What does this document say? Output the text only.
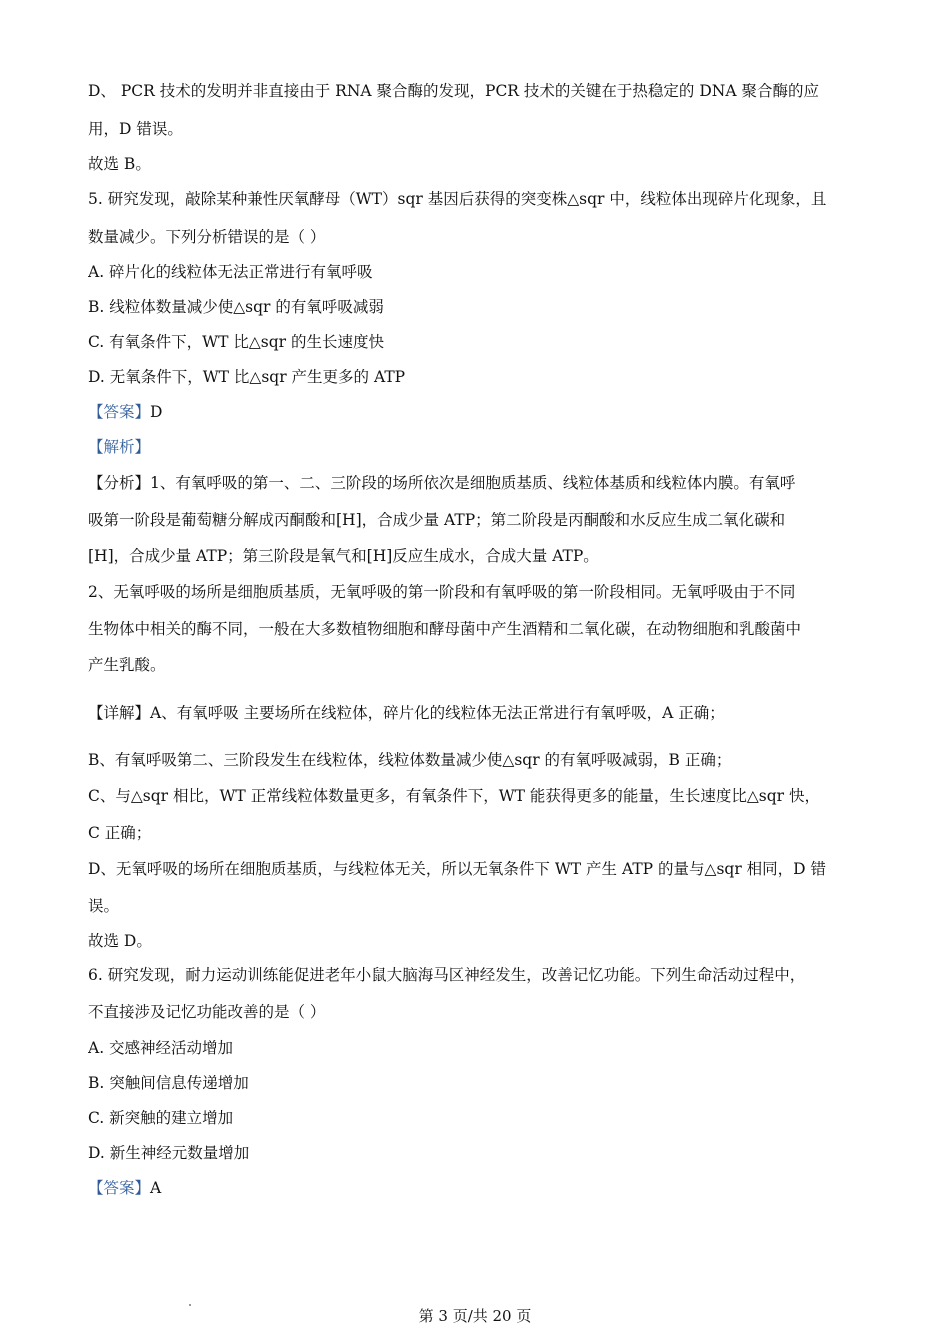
D、 PCR 技术的发明并非直接由于 RNA 聚合酶的发现，PCR 技术的关键在于热稳定的 DNA 聚合酶的应
用，D 错误。
故选 B。
5. 研究发现，敲除某种兼性厌氧酵母（WT）sqr 基因后获得的突变株△sqr 中，线粒体出现碎片化现象，且
数量减少。下列分析错误的是（ ）
A. 碎片化的线粒体无法正常进行有氧呼吸
B. 线粒体数量减少使△sqr 的有氧呼吸减弱
C. 有氧条件下，WT 比△sqr 的生长速度快
D. 无氧条件下，WT 比△sqr 产生更多的 ATP
【答案】D
【解析】
【分析】1、有氧呼吸的第一、二、三阶段的场所依次是细胞质基质、线粒体基质和线粒体内膜。有氧呼
吸第一阶段是葡萄糖分解成丙酮酸和[H]，合成少量 ATP；第二阶段是丙酮酸和水反应生成二氧化碳和
[H]，合成少量 ATP；第三阶段是氧气和[H]反应生成水，合成大量 ATP。
2、无氧呼吸的场所是细胞质基质，无氧呼吸的第一阶段和有氧呼吸的第一阶段相同。无氧呼吸由于不同
生物体中相关的酶不同，一般在大多数植物细胞和酵母菌中产生酒精和二氧化碳，在动物细胞和乳酸菌中
产生乳酸。
【详解】A、有氧呼吸 主要场所在线粒体，碎片化的线粒体无法正常进行有氧呼吸，A 正确；
B、有氧呼吸第二、三阶段发生在线粒体，线粒体数量减少使△sqr 的有氧呼吸减弱，B 正确；
C、与△sqr 相比，WT 正常线粒体数量更多，有氧条件下，WT 能获得更多的能量，生长速度比△sqr 快，
C 正确；
D、无氧呼吸的场所在细胞质基质，与线粒体无关，所以无氧条件下 WT 产生 ATP 的量与△sqr 相同，D 错
误。
故选 D。
6. 研究发现，耐力运动训练能促进老年小鼠大脑海马区神经发生，改善记忆功能。下列生命活动过程中，
不直接涉及记忆功能改善的是（ ）
A. 交感神经活动增加
B. 突触间信息传递增加
C. 新突触的建立增加
D. 新生神经元数量增加
【答案】A
第 3 页/共 20 页
